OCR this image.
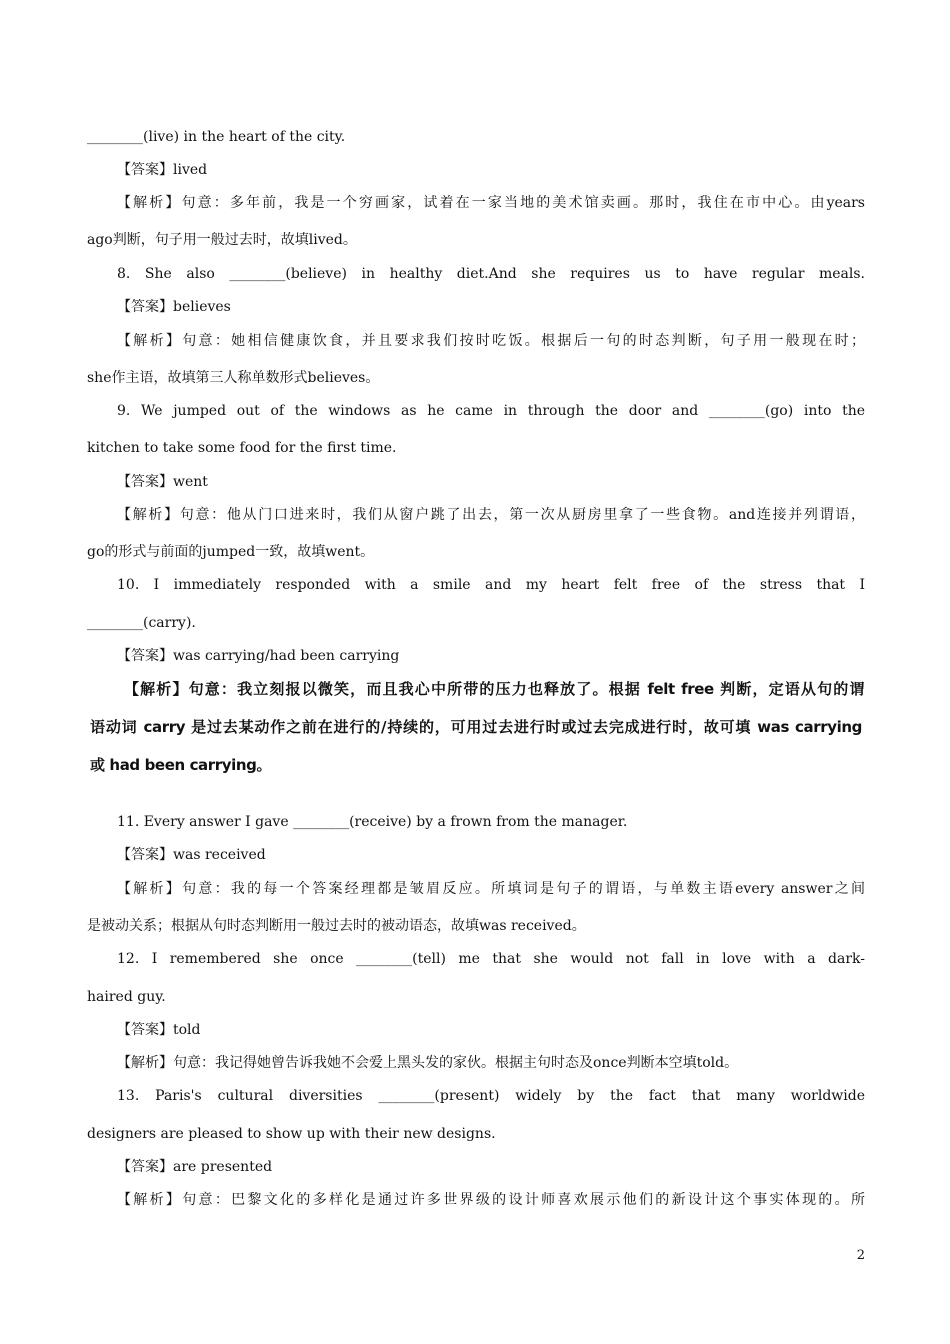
________(live) in the heart of the city.
【答案】lived
【解析】句意：多年前，我是一个穷画家，试着在一家当地的美术馆卖画。那时，我住在市中心。由years
ago判断，句子用一般过去时，故填lived。
8. She also ________(believe) in healthy diet.And she requires us to have regular meals.
【答案】believes
【解析】句意：她相信健康饮食，并且要求我们按时吃饭。根据后一句的时态判断，句子用一般现在时；
she作主语，故填第三人称单数形式believes。
9. We jumped out of the windows as he came in through the door and ________(go) into the
kitchen to take some food for the first time.
【答案】went
【解析】句意：他从门口进来时，我们从窗户跳了出去，第一次从厨房里拿了一些食物。and连接并列谓语，
go的形式与前面的jumped一致，故填went。
10. I immediately responded with a smile and my heart felt free of the stress that I
________(carry).
【答案】was carrying/had been carrying
【解析】句意：我立刻报以微笑，而且我心中所带的压力也释放了。根据 felt free 判断，定语从句的谓
语动词 carry 是过去某动作之前在进行的/持续的，可用过去进行时或过去完成进行时，故可填 was carrying
或 had been carrying。
11. Every answer I gave ________(receive) by a frown from the manager.
【答案】was received
【解析】句意：我的每一个答案经理都是皱眉反应。所填词是句子的谓语，与单数主语every answer之间
是被动关系；根据从句时态判断用一般过去时的被动语态，故填was received。
12. I remembered she once ________(tell) me that she would not fall in love with a dark-
haired guy.
【答案】told
【解析】句意：我记得她曾告诉我她不会爱上黑头发的家伙。根据主句时态及once判断本空填told。
13. Paris's cultural diversities ________(present) widely by the fact that many worldwide
designers are pleased to show up with their new designs.
【答案】are presented
【解析】句意：巴黎文化的多样化是通过许多世界级的设计师喜欢展示他们的新设计这个事实体现的。所
2
